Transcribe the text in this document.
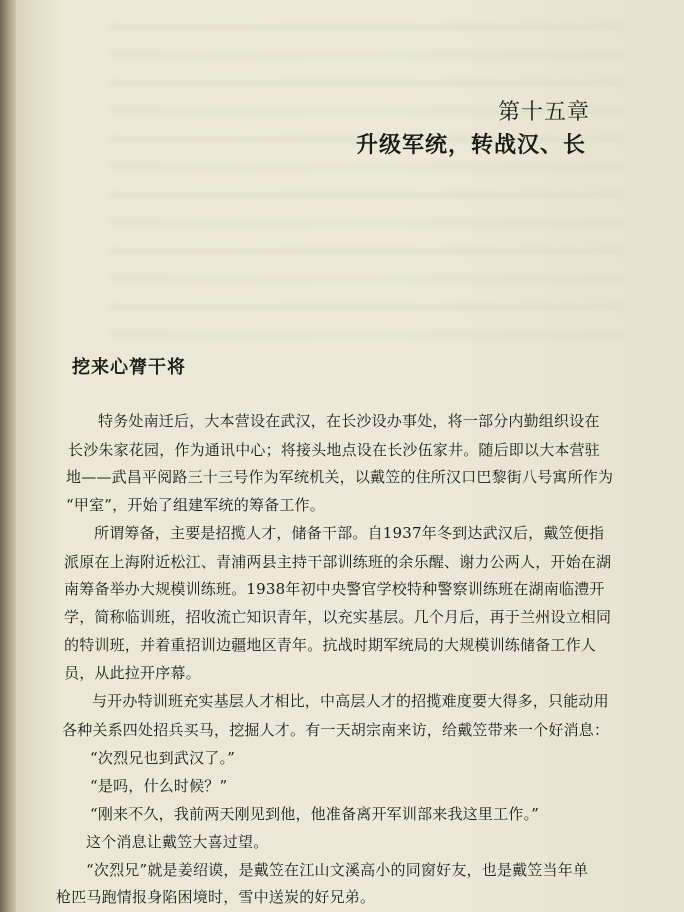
第十五章
升级军统，转战汉、长
挖来心膂干将
特务处南迁后，大本营设在武汉，在长沙设办事处，将一部分内勤组织设在
长沙朱家花园，作为通讯中心；将接头地点设在长沙伍家井。随后即以大本营驻
地——武昌平阅路三十三号作为军统机关，以戴笠的住所汉口巴黎街八号寓所作为
“甲室”，开始了组建军统的筹备工作。
所谓筹备，主要是招揽人才，储备干部。自1937年冬到达武汉后，戴笠便指
派原在上海附近松江、青浦两县主持干部训练班的余乐醒、谢力公两人，开始在湖
南筹备举办大规模训练班。1938年初中央警官学校特种警察训练班在湖南临澧开
学，简称临训班，招收流亡知识青年，以充实基层。几个月后，再于兰州设立相同
的特训班，并着重招训边疆地区青年。抗战时期军统局的大规模训练储备工作人
员，从此拉开序幕。
与开办特训班充实基层人才相比，中高层人才的招揽难度要大得多，只能动用
各种关系四处招兵买马，挖掘人才。有一天胡宗南来访，给戴笠带来一个好消息：
“次烈兄也到武汉了。”
“是吗，什么时候？”
“刚来不久，我前两天刚见到他，他准备离开军训部来我这里工作。”
这个消息让戴笠大喜过望。
“次烈兄”就是姜绍谟，是戴笠在江山文溪高小的同窗好友，也是戴笠当年单
枪匹马跑情报身陷困境时，雪中送炭的好兄弟。
